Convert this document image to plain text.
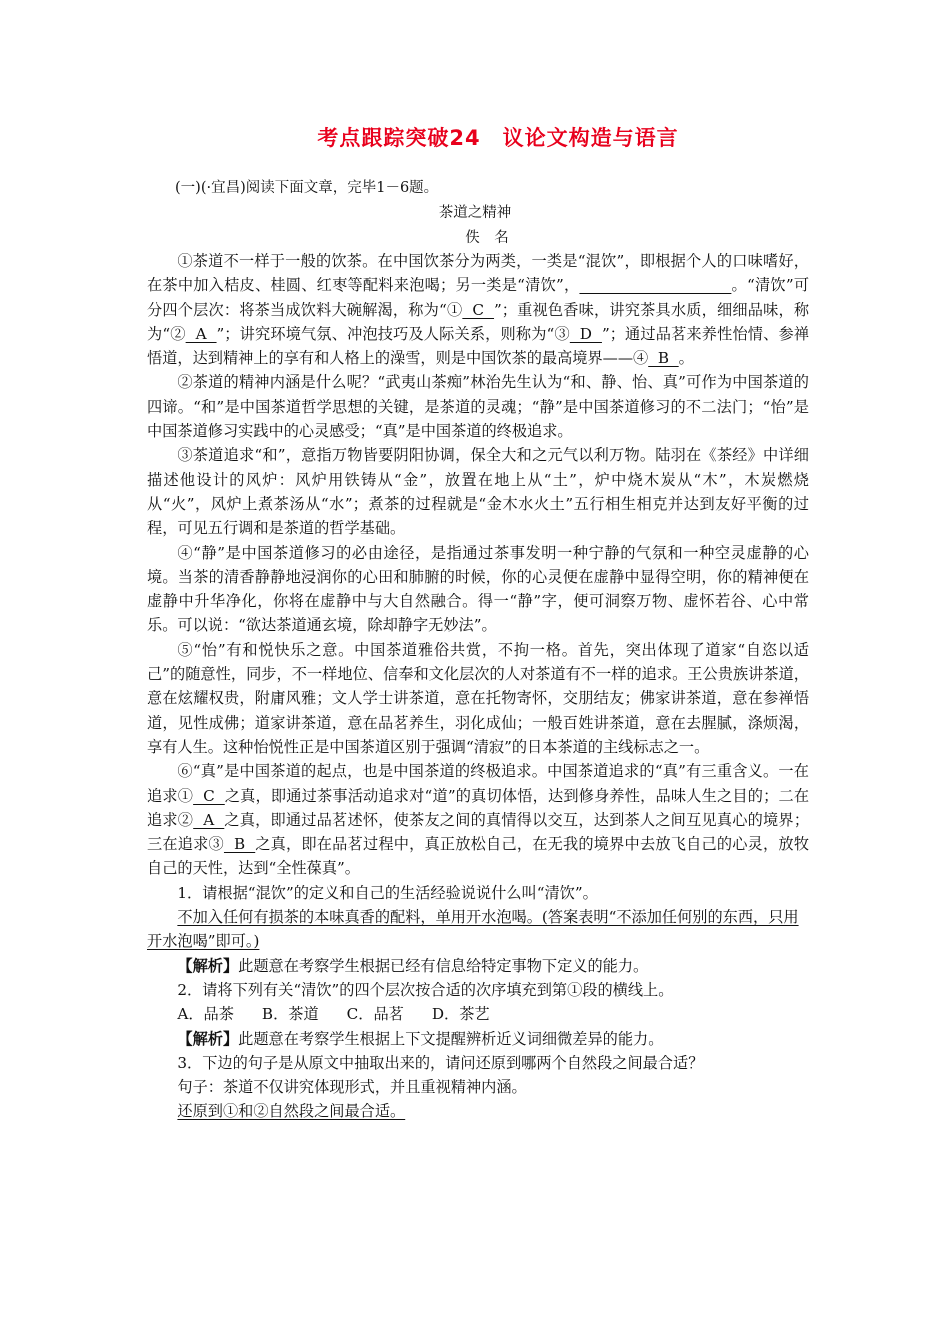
考点跟踪突破24　议论文构造与语言
(一)(·宜昌)阅读下面文章，完毕1－6题。
茶道之精神
佚　名

①茶道不一样于一般的饮茶。在中国饮茶分为两类，一类是“混饮”，即根据个人的口味嗜好，在茶中加入桔皮、桂圆、红枣等配料来泡喝；另一类是“清饮”，____________________。“清饮”可分四个层次：将茶当成饮料大碗解渴，称为“①  C  ”；重视色香味，讲究茶具水质，细细品味，称为“②  A  ”；讲究环境气氛、冲泡技巧及人际关系，则称为“③  D  ”；通过品茗来养性怡情、参禅悟道，达到精神上的享有和人格上的澡雪，则是中国饮茶的最高境界——④  B  。

②茶道的精神内涵是什么呢？“武夷山茶痴”林治先生认为“和、静、怡、真”可作为中国茶道的四谛。“和”是中国茶道哲学思想的关键，是茶道的灵魂；“静”是中国茶道修习的不二法门；“怡”是中国茶道修习实践中的心灵感受；“真”是中国茶道的终极追求。

③茶道追求“和”，意指万物皆要阴阳协调，保全大和之元气以利万物。陆羽在《茶经》中详细描述他设计的风炉：风炉用铁铸从“金”，放置在地上从“土”，炉中烧木炭从“木”，木炭燃烧从“火”，风炉上煮茶汤从“水”；煮茶的过程就是“金木水火土”五行相生相克并达到友好平衡的过程，可见五行调和是茶道的哲学基础。

④“静”是中国茶道修习的必由途径，是指通过茶事发明一种宁静的气氛和一种空灵虚静的心境。当茶的清香静静地浸润你的心田和肺腑的时候，你的心灵便在虚静中显得空明，你的精神便在虚静中升华净化，你将在虚静中与大自然融合。得一“静”字，便可洞察万物、虚怀若谷、心中常乐。可以说：“欲达茶道通玄境，除却静字无妙法”。

⑤“怡”有和悦快乐之意。中国茶道雅俗共赏，不拘一格。首先，突出体现了道家“自恣以适己”的随意性，同步，不一样地位、信奉和文化层次的人对茶道有不一样的追求。王公贵族讲茶道，意在炫耀权贵，附庸风雅；文人学士讲茶道，意在托物寄怀，交朋结友；佛家讲茶道，意在参禅悟道，见性成佛；道家讲茶道，意在品茗养生，羽化成仙；一般百姓讲茶道，意在去腥腻，涤烦渴，享有人生。这种怡悦性正是中国茶道区别于强调“清寂”的日本茶道的主线标志之一。

⑥“真”是中国茶道的起点，也是中国茶道的终极追求。中国茶道追求的“真”有三重含义。一在追求①  C  之真，即通过茶事活动追求对“道”的真切体悟，达到修身养性，品味人生之目的；二在追求②  A  之真，即通过品茗述怀，使茶友之间的真情得以交互，达到茶人之间互见真心的境界；三在追求③  B  之真，即在品茗过程中，真正放松自己，在无我的境界中去放飞自己的心灵，放牧自己的天性，达到“全性葆真”。

1．请根据“混饮”的定义和自己的生活经验说说什么叫“清饮”。

不加入任何有损茶的本味真香的配料，单用开水泡喝。(答案表明“不添加任何别的东西，只用开水泡喝”即可。)

【解析】此题意在考察学生根据已经有信息给特定事物下定义的能力。

2．请将下列有关“清饮”的四个层次按合适的次序填充到第①段的横线上。

A．品茶 B．茶道 C．品茗 D．茶艺

【解析】此题意在考察学生根据上下文提醒辨析近义词细微差异的能力。

3．下边的句子是从原文中抽取出来的，请问还原到哪两个自然段之间最合适？

句子：茶道不仅讲究体现形式，并且重视精神内涵。

还原到①和②自然段之间最合适。
